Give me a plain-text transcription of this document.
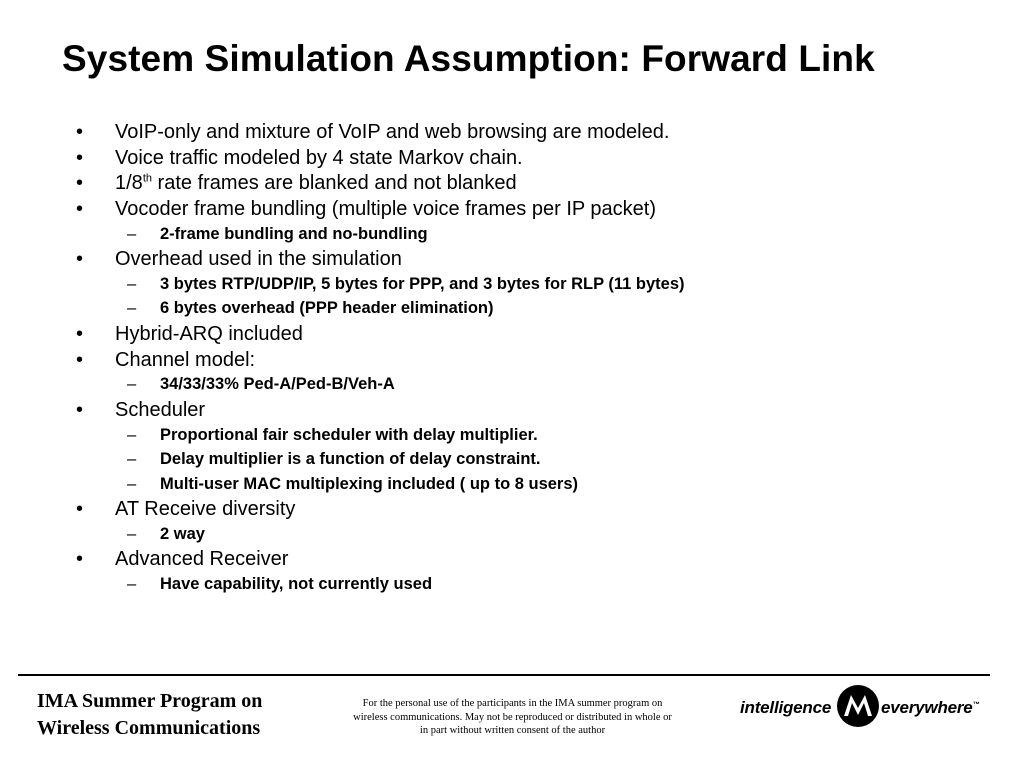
System Simulation Assumption: Forward Link
• VoIP-only and mixture of VoIP and web browsing are modeled.
• Voice traffic modeled by 4 state Markov chain.
• 1/8th rate frames are blanked and not blanked
• Vocoder frame bundling (multiple voice frames per IP packet)
– 2-frame bundling and no-bundling
• Overhead used in the simulation
– 3 bytes RTP/UDP/IP, 5 bytes for PPP, and 3 bytes for RLP (11 bytes)
– 6 bytes overhead (PPP header elimination)
• Hybrid-ARQ included
• Channel model:
– 34/33/33% Ped-A/Ped-B/Veh-A
• Scheduler
– Proportional fair scheduler with delay multiplier.
– Delay multiplier is a function of delay constraint.
– Multi-user MAC multiplexing included ( up to 8 users)
• AT Receive diversity
– 2 way
• Advanced Receiver
– Have capability, not currently used
IMA Summer Program on
Wireless Communications
For the personal use of the participants in the IMA summer program on
wireless communications. May not be reproduced or distributed in whole or
in part without written consent of the author
intelligence	everywhere™
